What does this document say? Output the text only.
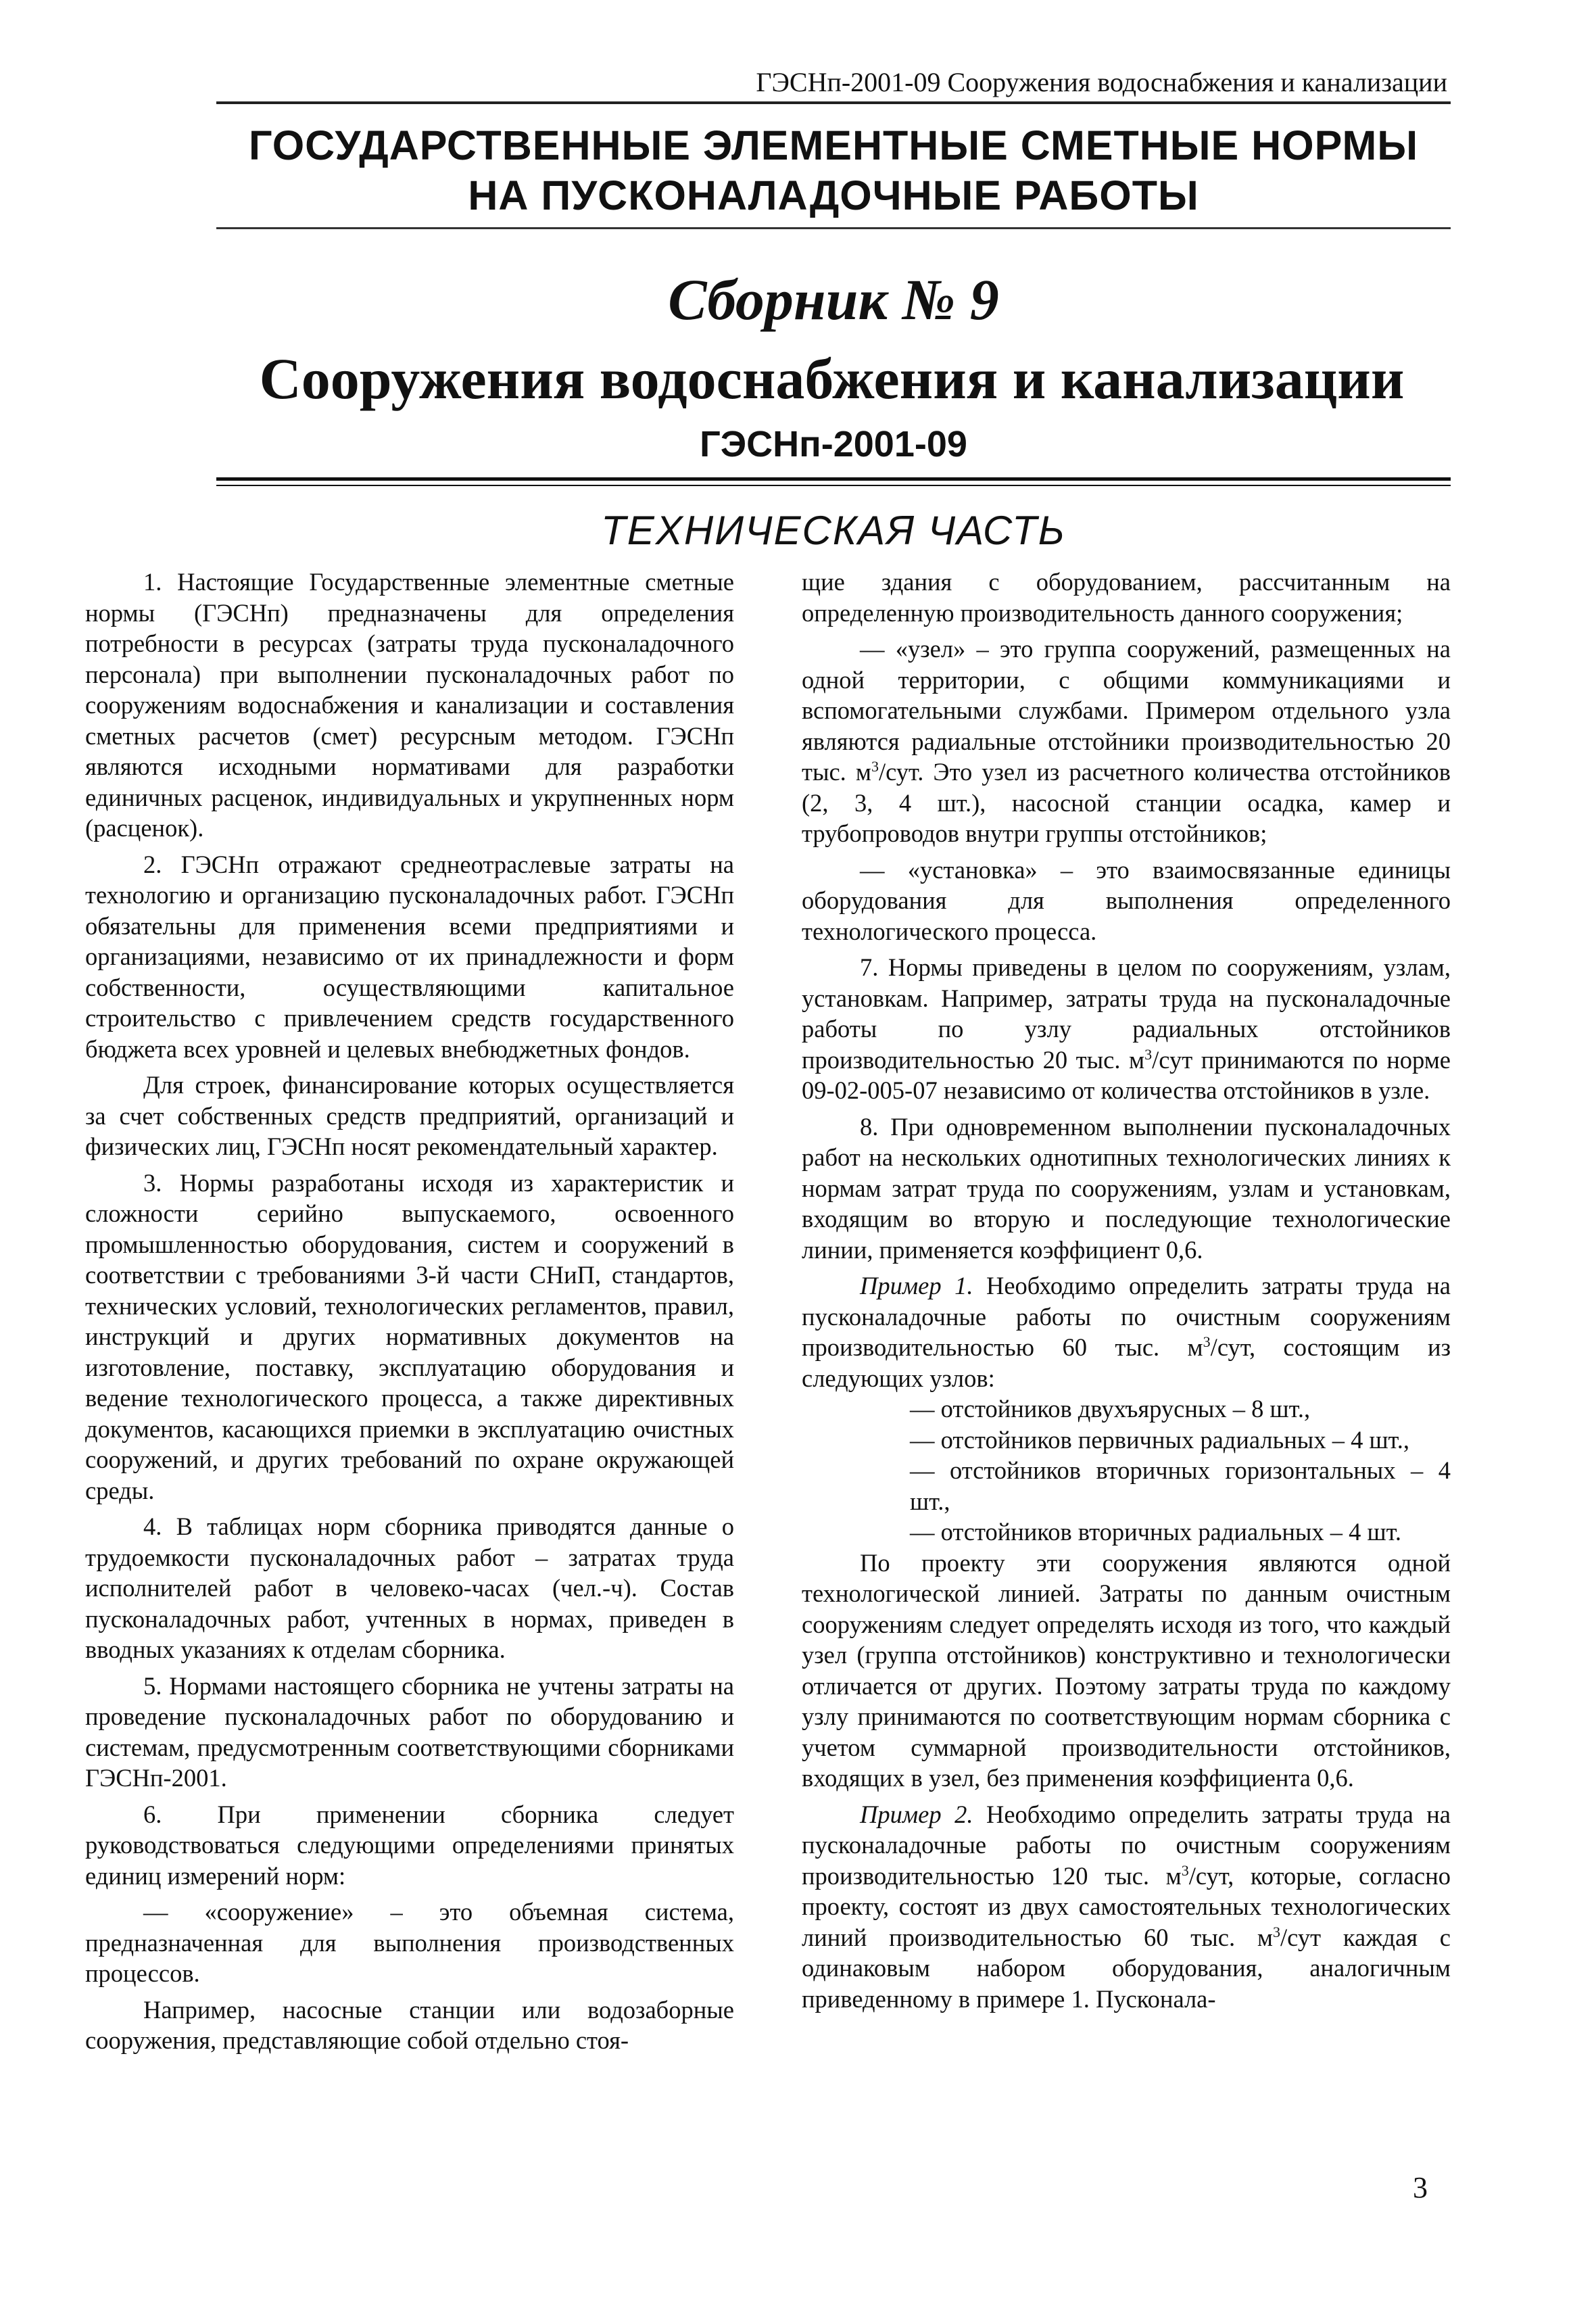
ГЭСНп-2001-09 Сооружения водоснабжения и канализации
ГОСУДАРСТВЕННЫЕ ЭЛЕМЕНТНЫЕ СМЕТНЫЕ НОРМЫ
НА ПУСКОНАЛАДОЧНЫЕ РАБОТЫ
Сборник № 9
Сооружения водоснабжения и канализации
ГЭСНп-2001-09
ТЕХНИЧЕСКАЯ ЧАСТЬ

1. Настоящие Государственные элементные сметные нормы (ГЭСНп) предназначены для определения потребности в ресурсах (затраты труда пусконаладочного персонала) при выполнении пусконаладочных работ по сооружениям водоснабжения и канализации и составления сметных расчетов (смет) ресурсным методом. ГЭСНп являются исходными нормативами для разработки единичных расценок, индивидуальных и укрупненных норм (расценок).

2. ГЭСНп отражают среднеотраслевые затраты на технологию и организацию пусконаладочных работ. ГЭСНп обязательны для применения всеми предприятиями и организациями, независимо от их принадлежности и форм собственности, осуществляющими капитальное строительство с привлечением средств государственного бюджета всех уровней и целевых внебюджетных фондов.

Для строек, финансирование которых осуществляется за счет собственных средств предприятий, организаций и физических лиц, ГЭСНп носят рекомендательный характер.

3. Нормы разработаны исходя из характеристик и сложности серийно выпускаемого, освоенного промышленностью оборудования, систем и сооружений в соответствии с требованиями 3-й части СНиП, стандартов, технических условий, технологических регламентов, правил, инструкций и других нормативных документов на изготовление, поставку, эксплуатацию оборудования и ведение технологического процесса, а также директивных документов, касающихся приемки в эксплуатацию очистных сооружений, и других требований по охране окружающей среды.

4. В таблицах норм сборника приводятся данные о трудоемкости пусконаладочных работ – затратах труда исполнителей работ в человеко-часах (чел.-ч). Состав пусконаладочных работ, учтенных в нормах, приведен в вводных указаниях к отделам сборника.

5. Нормами настоящего сборника не учтены затраты на проведение пусконаладочных работ по оборудованию и системам, предусмотренным соответствующими сборниками ГЭСНп-2001.

6. При применении сборника следует руководствоваться следующими определениями принятых единиц измерений норм:

— «сооружение» – это объемная система, предназначенная для выполнения производственных процессов.

Например, насосные станции или водозаборные сооружения, представляющие собой отдельно стоя-

щие здания с оборудованием, рассчитанным на определенную производительность данного сооружения;

— «узел» – это группа сооружений, размещенных на одной территории, с общими коммуникациями и вспомогательными службами. Примером отдельного узла являются радиальные отстойники производительностью 20 тыс. $м^3$/сут. Это узел из расчетного количества отстойников (2, 3, 4 шт.), насосной станции осадка, камер и трубопроводов внутри группы отстойников;

— «установка» – это взаимосвязанные единицы оборудования для выполнения определенного технологического процесса.

7. Нормы приведены в целом по сооружениям, узлам, установкам. Например, затраты труда на пусконаладочные работы по узлу радиальных отстойников производительностью 20 тыс. $м^3$/сут принимаются по норме 09-02-005-07 независимо от количества отстойников в узле.

8. При одновременном выполнении пусконаладочных работ на нескольких однотипных технологических линиях к нормам затрат труда по сооружениям, узлам и установкам, входящим во вторую и последующие технологические линии, применяется коэффициент 0,6.

Пример 1. Необходимо определить затраты труда на пусконаладочные работы по очистным сооружениям производительностью 60 тыс. $м^3$/сут, состоящим из следующих узлов:

— отстойников двухъярусных – 8 шт.,

— отстойников первичных радиальных – 4 шт.,

— отстойников вторичных горизонтальных – 4 шт.,

— отстойников вторичных радиальных – 4 шт.

По проекту эти сооружения являются одной технологической линией. Затраты по данным очистным сооружениям следует определять исходя из того, что каждый узел (группа отстойников) конструктивно и технологически отличается от других. Поэтому затраты труда по каждому узлу принимаются по соответствующим нормам сборника с учетом суммарной производительности отстойников, входящих в узел, без применения коэффициента 0,6.

Пример 2. Необходимо определить затраты труда на пусконаладочные работы по очистным сооружениям производительностью 120 тыс. $м^3$/сут, которые, согласно проекту, состоят из двух самостоятельных технологических линий производительностью 60 тыс. $м^3$/сут каждая с одинаковым набором оборудования, аналогичным приведенному в примере 1. Пусконала-

3
